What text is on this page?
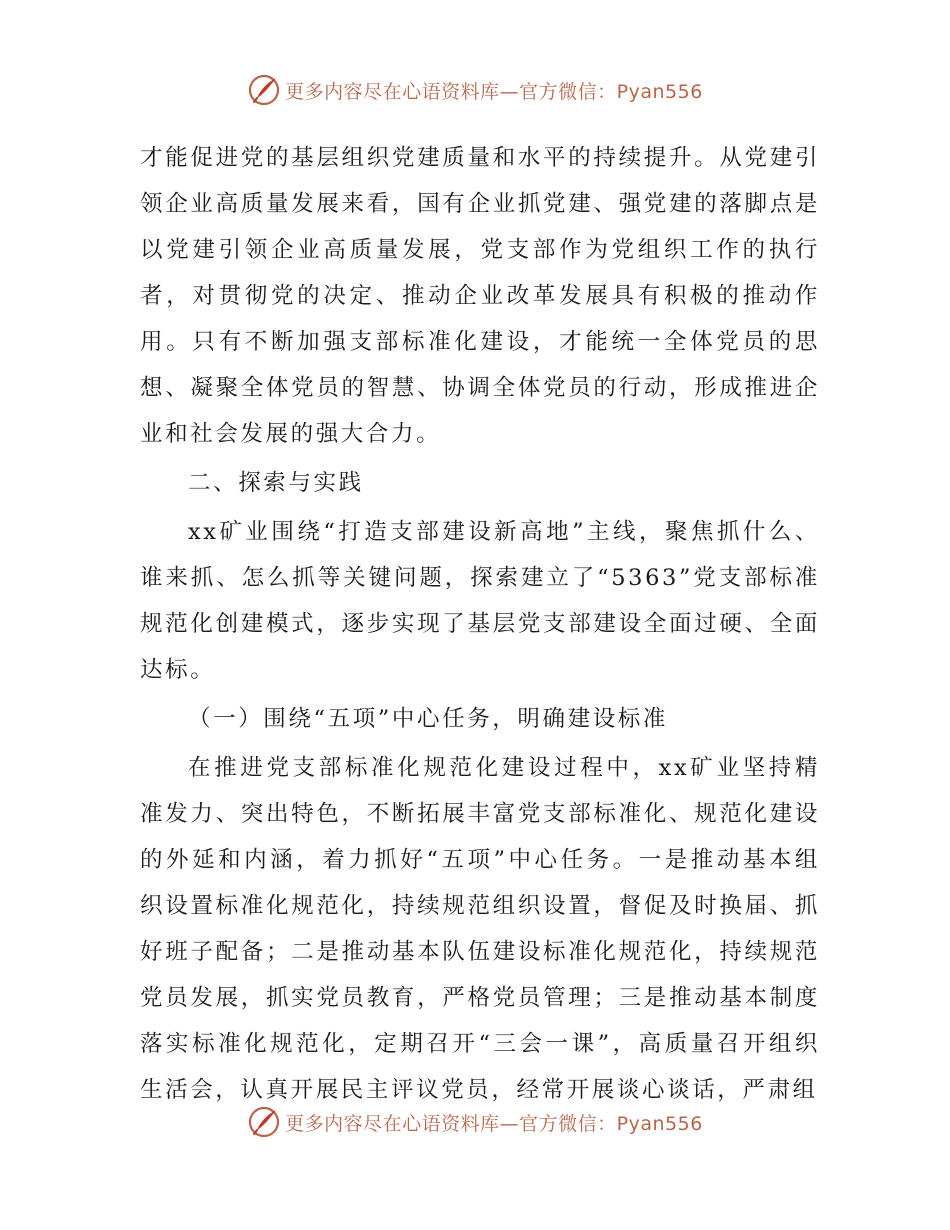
更多内容尽在心语资料库—官方微信：Pyan556

才能促进党的基层组织党建质量和水平的持续提升。从党建引领企业高质量发展来看，国有企业抓党建、强党建的落脚点是以党建引领企业高质量发展，党支部作为党组织工作的执行者，对贯彻党的决定、推动企业改革发展具有积极的推动作用。只有不断加强支部标准化建设，才能统一全体党员的思想、凝聚全体党员的智慧、协调全体党员的行动，形成推进企业和社会发展的强大合力。

二、探索与实践

xx矿业围绕“打造支部建设新高地”主线，聚焦抓什么、谁来抓、怎么抓等关键问题，探索建立了“5363”党支部标准规范化创建模式，逐步实现了基层党支部建设全面过硬、全面达标。

（一）围绕“五项”中心任务，明确建设标准

在推进党支部标准化规范化建设过程中，xx矿业坚持精准发力、突出特色，不断拓展丰富党支部标准化、规范化建设的外延和内涵，着力抓好“五项”中心任务。一是推动基本组织设置标准化规范化，持续规范组织设置，督促及时换届、抓好班子配备；二是推动基本队伍建设标准化规范化，持续规范党员发展，抓实党员教育，严格党员管理；三是推动基本制度落实标准化规范化，定期召开“三会一课”，高质量召开组织生活会，认真开展民主评议党员，经常开展谈心谈话，严肃组

更多内容尽在心语资料库—官方微信：Pyan556
